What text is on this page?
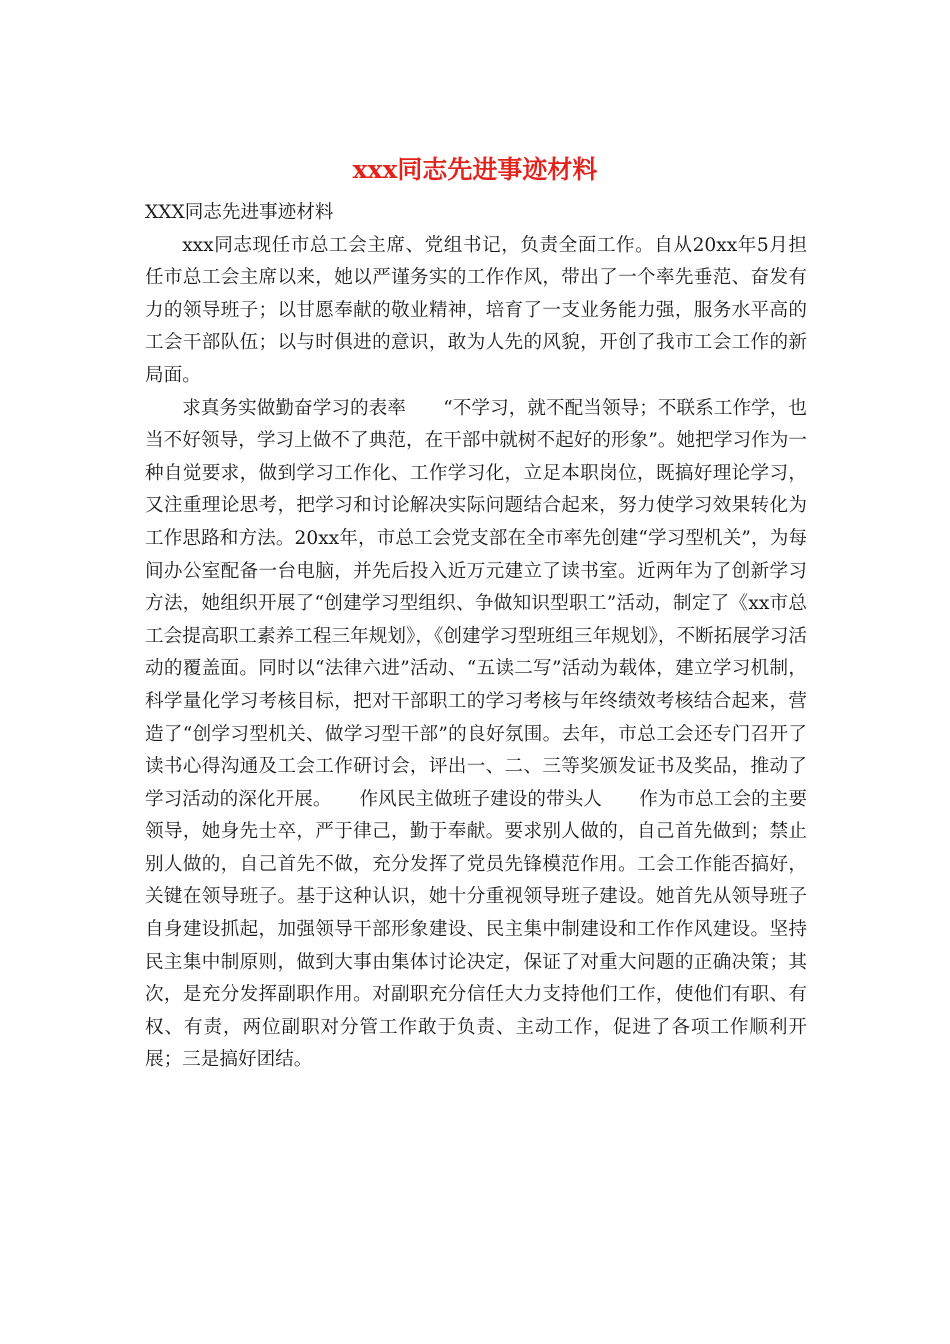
xxx同志先进事迹材料

XXX同志先进事迹材料

xxx同志现任市总工会主席、党组书记，负责全面工作。自从20xx年5月担任市总工会主席以来，她以严谨务实的工作作风，带出了一个率先垂范、奋发有力的领导班子；以甘愿奉献的敬业精神，培育了一支业务能力强，服务水平高的工会干部队伍；以与时俱进的意识，敢为人先的风貌，开创了我市工会工作的新局面。

求真务实做勤奋学习的表率　　“不学习，就不配当领导；不联系工作学，也当不好领导，学习上做不了典范，在干部中就树不起好的形象”。她把学习作为一种自觉要求，做到学习工作化、工作学习化，立足本职岗位，既搞好理论学习，又注重理论思考，把学习和讨论解决实际问题结合起来，努力使学习效果转化为工作思路和方法。20xx年，市总工会党支部在全市率先创建“学习型机关”，为每间办公室配备一台电脑，并先后投入近万元建立了读书室。近两年为了创新学习方法，她组织开展了“创建学习型组织、争做知识型职工”活动，制定了《xx市总工会提高职工素养工程三年规划》，《创建学习型班组三年规划》，不断拓展学习活动的覆盖面。同时以“法律六进”活动、“五读二写”活动为载体，建立学习机制，科学量化学习考核目标，把对干部职工的学习考核与年终绩效考核结合起来，营造了“创学习型机关、做学习型干部”的良好氛围。去年，市总工会还专门召开了读书心得沟通及工会工作研讨会，评出一、二、三等奖颁发证书及奖品，推动了学习活动的深化开展。　　作风民主做班子建设的带头人　　作为市总工会的主要领导，她身先士卒，严于律己，勤于奉献。要求别人做的，自己首先做到；禁止别人做的，自己首先不做，充分发挥了党员先锋模范作用。工会工作能否搞好，关键在领导班子。基于这种认识，她十分重视领导班子建设。她首先从领导班子自身建设抓起，加强领导干部形象建设、民主集中制建设和工作作风建设。坚持民主集中制原则，做到大事由集体讨论决定，保证了对重大问题的正确决策；其次，是充分发挥副职作用。对副职充分信任大力支持他们工作，使他们有职、有权、有责，两位副职对分管工作敢于负责、主动工作，促进了各项工作顺利开展；三是搞好团结。
